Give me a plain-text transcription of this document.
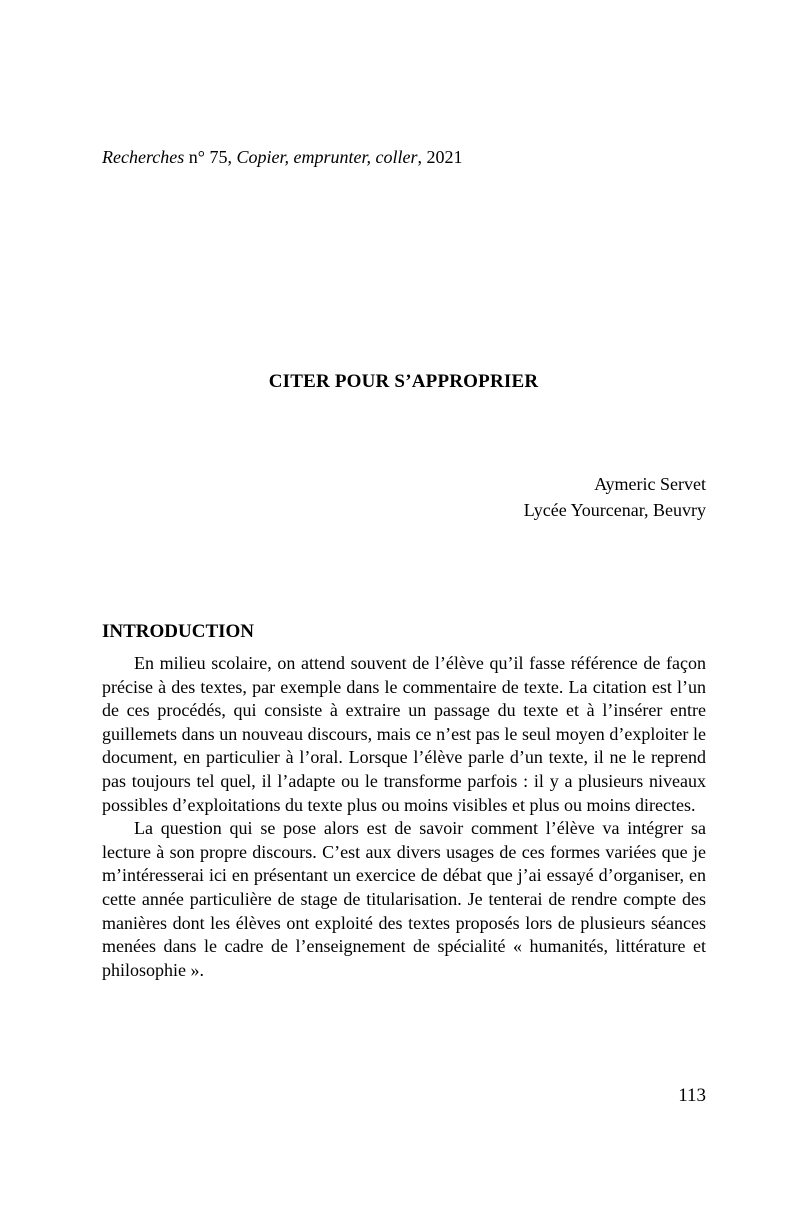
Recherches n° 75, Copier, emprunter, coller, 2021
CITER POUR S’APPROPRIER
Aymeric Servet
Lycée Yourcenar, Beuvry
INTRODUCTION

En milieu scolaire, on attend souvent de l’élève qu’il fasse référence de façon précise à des textes, par exemple dans le commentaire de texte. La citation est l’un de ces procédés, qui consiste à extraire un passage du texte et à l’insérer entre guillemets dans un nouveau discours, mais ce n’est pas le seul moyen d’exploiter le document, en particulier à l’oral. Lorsque l’élève parle d’un texte, il ne le reprend pas toujours tel quel, il l’adapte ou le transforme parfois : il y a plusieurs niveaux possibles d’exploitations du texte plus ou moins visibles et plus ou moins directes.

La question qui se pose alors est de savoir comment l’élève va intégrer sa lecture à son propre discours. C’est aux divers usages de ces formes variées que je m’intéresserai ici en présentant un exercice de débat que j’ai essayé d’organiser, en cette année particulière de stage de titularisation. Je tenterai de rendre compte des manières dont les élèves ont exploité des textes proposés lors de plusieurs séances menées dans le cadre de l’enseignement de spécialité « humanités, littérature et philosophie ».

113
